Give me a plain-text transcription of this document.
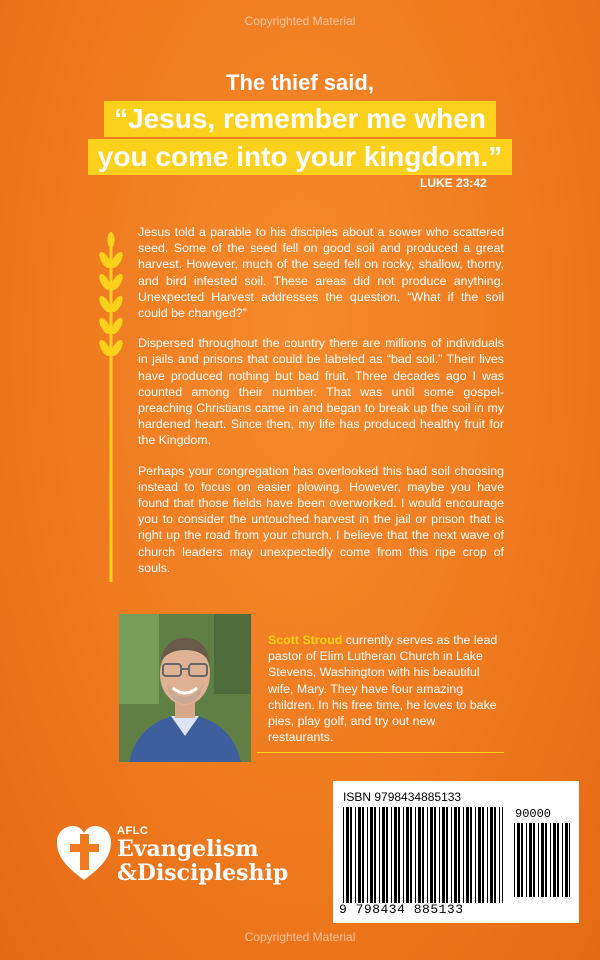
Copyrighted Material
The thief said,
“Jesus, remember me when
you come into your kingdom.”
LUKE 23:42

Jesus told a parable to his disciples about a sower who scattered seed. Some of the seed fell on good soil and produced a great harvest. However, much of the seed fell on rocky, shallow, thorny, and bird infested soil. These areas did not produce anything. Unexpected Harvest addresses the question, “What if the soil could be changed?”

Dispersed throughout the country there are millions of individuals in jails and prisons that could be labeled as “bad soil.” Their lives have produced nothing but bad fruit. Three decades ago I was counted among their number. That was until some gospel-preaching Christians came in and began to break up the soil in my hardened heart. Since then, my life has produced healthy fruit for the Kingdom.

Perhaps your congregation has overlooked this bad soil choosing instead to focus on easier plowing. However, maybe you have found that those fields have been overworked. I would encourage you to consider the untouched harvest in the jail or prison that is right up the road from your church. I believe that the next wave of church leaders may unexpectedly come from this ripe crop of souls.

Scott Stroud currently serves as the lead pastor of Elim Lutheran Church in Lake Stevens, Washington with his beautiful wife, Mary. They have four amazing children. In his free time, he loves to bake pies, play golf, and try out new restaurants.
AFLC
Evangelism
&Discipleship
ISBN 9798434885133
90000
9 798434 885133
Copyrighted Material
